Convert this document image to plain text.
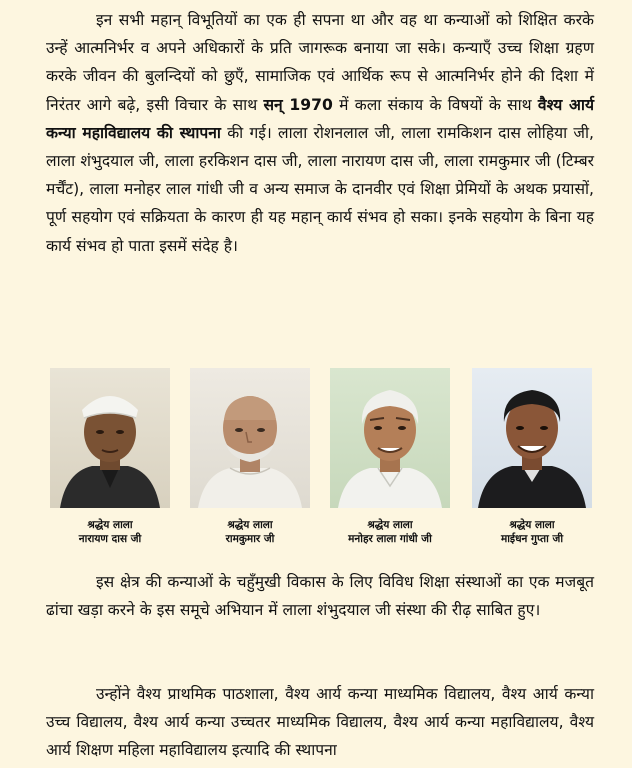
इन सभी महान् विभूतियों का एक ही सपना था और वह था कन्याओं को शिक्षित करके उन्हें आत्मनिर्भर व अपने अधिकारों के प्रति जागरूक बनाया जा सके। कन्याएँ उच्च शिक्षा ग्रहण करके जीवन की बुलन्दियों को छुएँ, सामाजिक एवं आर्थिक रूप से आत्मनिर्भर होने की दिशा में निरंतर आगे बढ़े, इसी विचार के साथ सन् 1970 में कला संकाय के विषयों के साथ वैश्य आर्य कन्या महाविद्यालय की स्थापना की गई। लाला रोशनलाल जी, लाला रामकिशन दास लोहिया जी, लाला शंभुदयाल जी, लाला हरकिशन दास जी, लाला नारायण दास जी, लाला रामकुमार जी (टिम्बर मर्चैंट), लाला मनोहर लाल गांधी जी व अन्य समाज के दानवीर एवं शिक्षा प्रेमियों के अथक प्रयासों, पूर्ण सहयोग एवं सक्रियता के कारण ही यह महान् कार्य संभव हो सका। इनके सहयोग के बिना यह कार्य संभव हो पाता इसमें संदेह है।

श्रद्धेय लाला
नारायण दास जी
श्रद्धेय लाला
रामकुमार जी
श्रद्धेय लाला
मनोहर लाला गांधी जी
श्रद्धेय लाला
माईधन गुप्ता जी

इस क्षेत्र की कन्याओं के चहुँमुखी विकास के लिए विविध शिक्षा संस्थाओं का एक मजबूत ढांचा खड़ा करने के इस समूचे अभियान में लाला शंभुदयाल जी संस्था की रीढ़ साबित हुए।

उन्होंने वैश्य प्राथमिक पाठशाला, वैश्य आर्य कन्या माध्यमिक विद्यालय, वैश्य आर्य कन्या उच्च विद्यालय, वैश्य आर्य कन्या उच्चतर माध्यमिक विद्यालय, वैश्य आर्य कन्या महाविद्यालय, वैश्य आर्य शिक्षण महिला महाविद्यालय इत्यादि की स्थापना
